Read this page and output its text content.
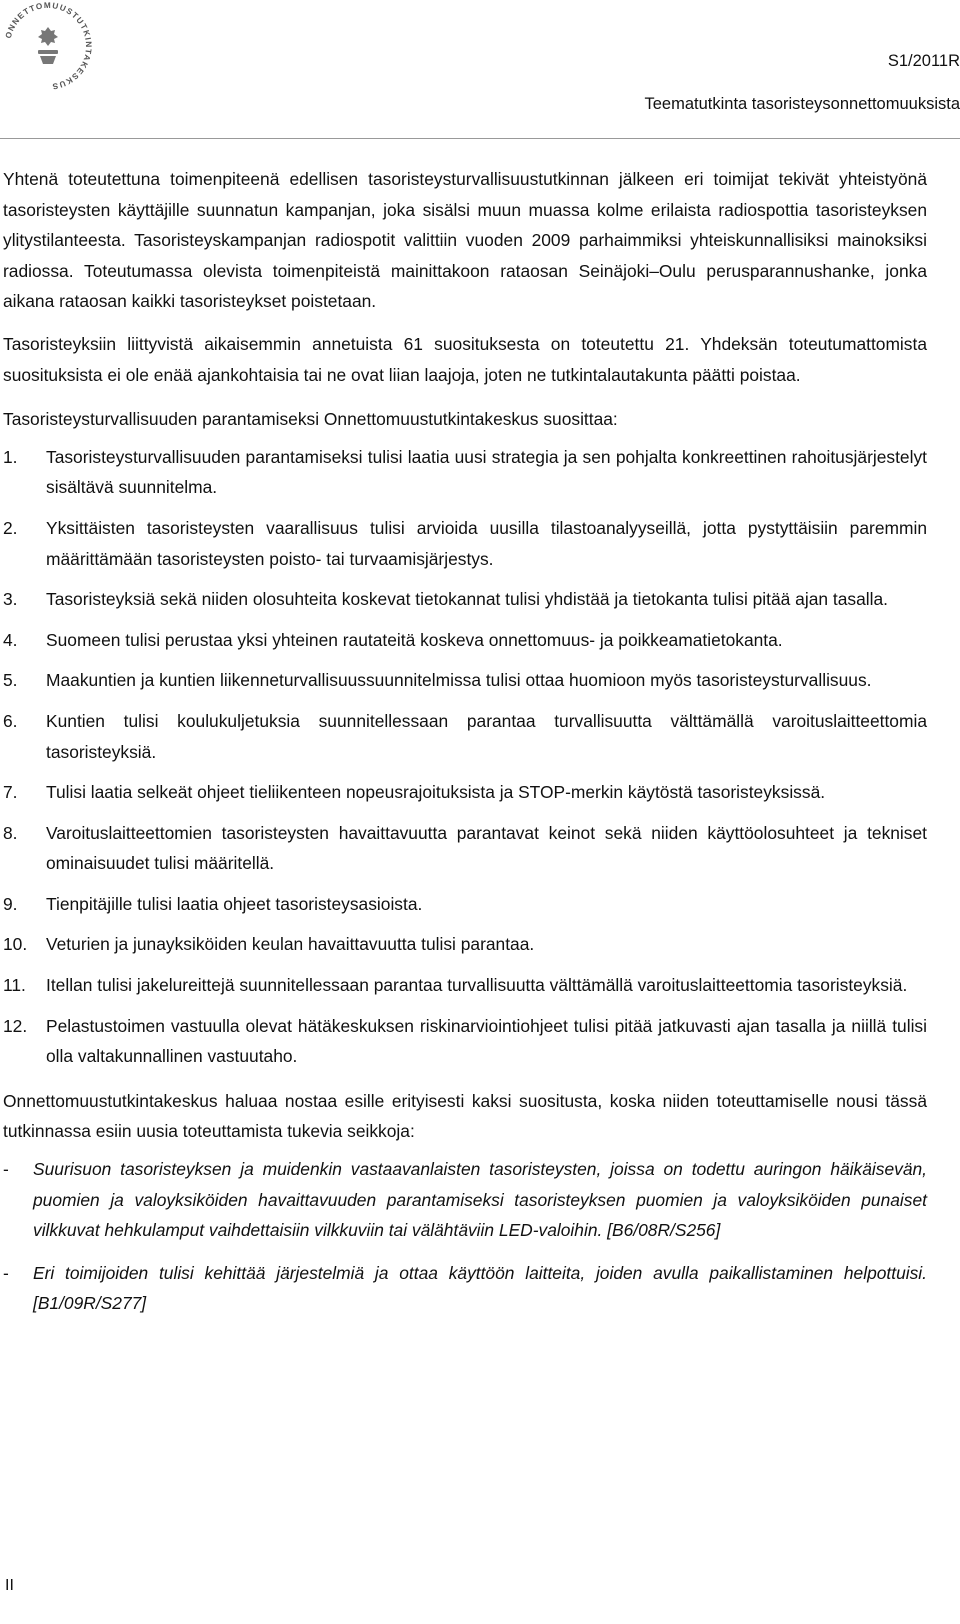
ONNETTOMUUSTUTKINTAKESKUS
S1/2011R
Teematutkinta tasoristeysonnettomuuksista

Yhtenä toteutettuna toimenpiteenä edellisen tasoristeysturvallisuustutkinnan jälkeen eri toimijat tekivät yhteistyönä tasoristeysten käyttäjille suunnatun kampanjan, joka sisälsi muun muassa kolme erilaista radiospottia tasoristeyksen ylitystilanteesta. Tasoristeyskampanjan radiospotit valittiin vuoden 2009 parhaimmiksi yhteiskunnallisiksi mainoksiksi radiossa. Toteutumassa olevista toimenpiteistä mainittakoon rataosan Seinäjoki–Oulu perusparannushanke, jonka aikana rataosan kaikki tasoristeykset poistetaan.

Tasoristeyksiin liittyvistä aikaisemmin annetuista 61 suosituksesta on toteutettu 21. Yhdeksän toteutumattomista suosituksista ei ole enää ajankohtaisia tai ne ovat liian laajoja, joten ne tutkintalautakunta päätti poistaa.

Tasoristeysturvallisuuden parantamiseksi Onnettomuustutkintakeskus suosittaa:

1. Tasoristeysturvallisuuden parantamiseksi tulisi laatia uusi strategia ja sen pohjalta konkreettinen rahoitusjärjestelyt sisältävä suunnitelma.
2. Yksittäisten tasoristeysten vaarallisuus tulisi arvioida uusilla tilastoanalyyseillä, jotta pystyttäisiin paremmin määrittämään tasoristeysten poisto- tai turvaamisjärjestys.
3. Tasoristeyksiä sekä niiden olosuhteita koskevat tietokannat tulisi yhdistää ja tietokanta tulisi pitää ajan tasalla.
4. Suomeen tulisi perustaa yksi yhteinen rautateitä koskeva onnettomuus- ja poikkeamatietokanta.
5. Maakuntien ja kuntien liikenneturvallisuussuunnitelmissa tulisi ottaa huomioon myös tasoristeysturvallisuus.
6. Kuntien tulisi koulukuljetuksia suunnitellessaan parantaa turvallisuutta välttämällä varoituslaitteettomia tasoristeyksiä.
7. Tulisi laatia selkeät ohjeet tieliikenteen nopeusrajoituksista ja STOP-merkin käytöstä tasoristeyksissä.
8. Varoituslaitteettomien tasoristeysten havaittavuutta parantavat keinot sekä niiden käyttöolosuhteet ja tekniset ominaisuudet tulisi määritellä.
9. Tienpitäjille tulisi laatia ohjeet tasoristeysasioista.
10. Veturien ja junayksiköiden keulan havaittavuutta tulisi parantaa.
11. Itellan tulisi jakelureittejä suunnitellessaan parantaa turvallisuutta välttämällä varoituslaitteettomia tasoristeyksiä.
12. Pelastustoimen vastuulla olevat hätäkeskuksen riskinarviointiohjeet tulisi pitää jatkuvasti ajan tasalla ja niillä tulisi olla valtakunnallinen vastuutaho.

Onnettomuustutkintakeskus haluaa nostaa esille erityisesti kaksi suositusta, koska niiden toteuttamiselle nousi tässä tutkinnassa esiin uusia toteuttamista tukevia seikkoja:

- Suurisuon tasoristeyksen ja muidenkin vastaavanlaisten tasoristeysten, joissa on todettu auringon häikäisevän, puomien ja valoyksiköiden havaittavuuden parantamiseksi tasoristeyksen puomien ja valoyksiköiden punaiset vilkkuvat hehkulamput vaihdettaisiin vilkkuviin tai välähtäviin LED-valoihin. [B6/08R/S256]
- Eri toimijoiden tulisi kehittää järjestelmiä ja ottaa käyttöön laitteita, joiden avulla paikallistaminen helpottuisi. [B1/09R/S277]
II
